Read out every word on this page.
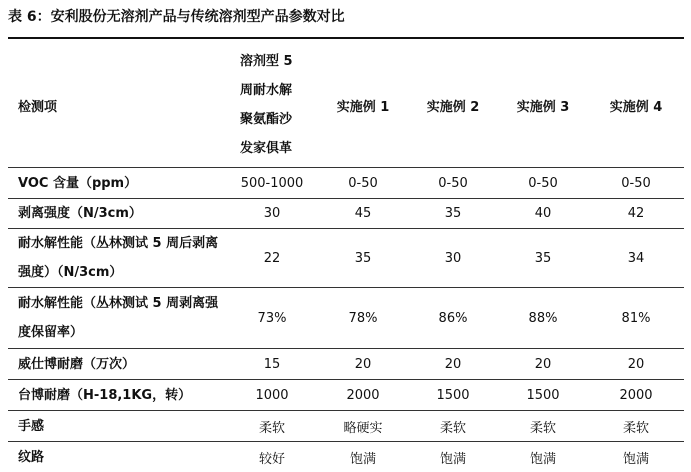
表 6：安利股份无溶剂产品与传统溶剂型产品参数对比
检测项	溶剂型 5 周耐水解聚氨酯沙发家俱革	实施例 1	实施例 2	实施例 3	实施例 4
VOC 含量（ppm）	500-1000	0-50	0-50	0-50	0-50
剥离强度（N/3cm）	30	45	35	40	42
耐水解性能（丛林测试 5 周后剥离强度）（N/3cm）	22	35	30	35	34
耐水解性能（丛林测试 5 周剥离强度保留率）	73%	78%	86%	88%	81%
威仕博耐磨（万次）	15	20	20	20	20
台博耐磨（H-18,1KG，转）	1000	2000	1500	1500	2000
手感	柔软	略硬实	柔软	柔软	柔软
纹路	较好	饱满	饱满	饱满	饱满
